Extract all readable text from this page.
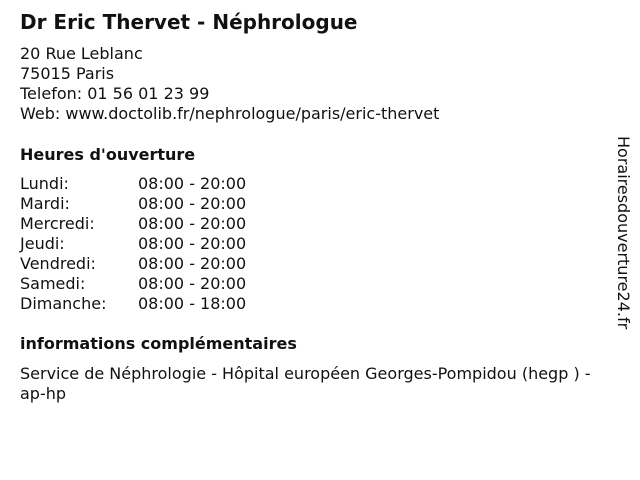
Dr Eric Thervet - Néphrologue
20 Rue Leblanc
75015 Paris
Telefon: 01 56 01 23 99
Web: www.doctolib.fr/nephrologue/paris/eric-thervet
Heures d'ouverture
Lundi:	08:00 - 20:00
Mardi:	08:00 - 20:00
Mercredi:	08:00 - 20:00
Jeudi:	08:00 - 20:00
Vendredi:	08:00 - 20:00
Samedi:	08:00 - 20:00
Dimanche: 08:00 - 18:00
informations complémentaires
Service de Néphrologie - Hôpital européen Georges-Pompidou (hegp ) - ap-hp
Horairesdouverture24.fr
